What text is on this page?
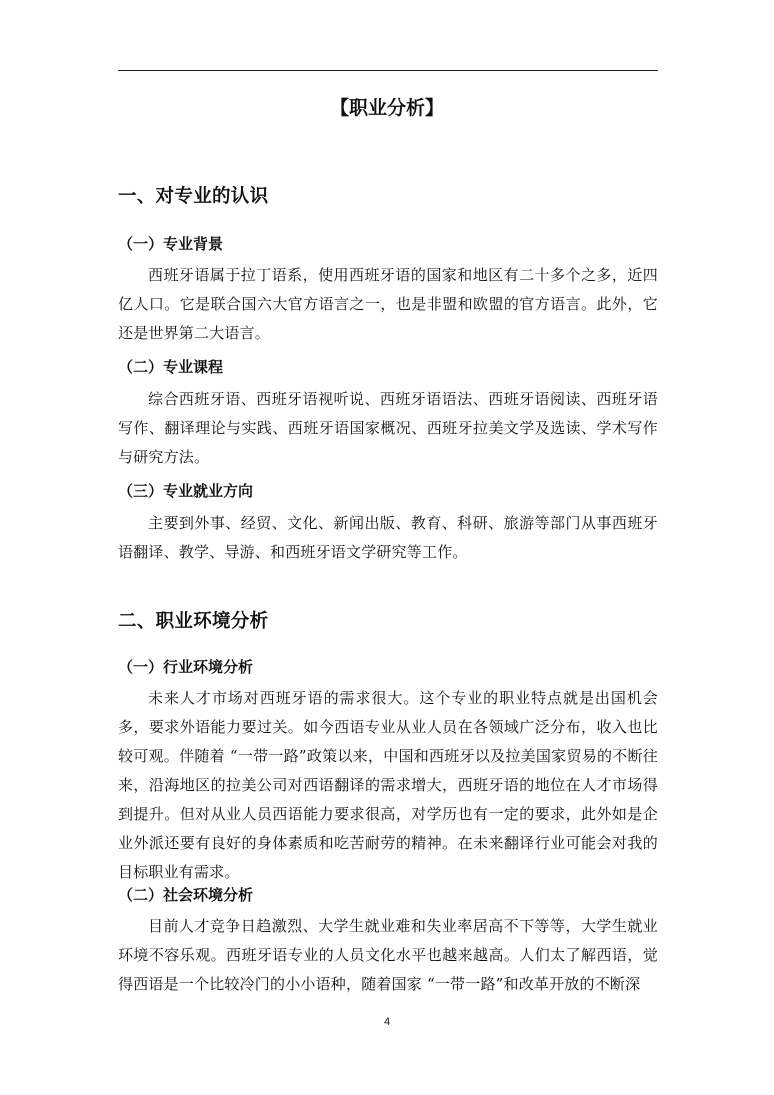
【职业分析】
一、对专业的认识
（一）专业背景

西班牙语属于拉丁语系，使用西班牙语的国家和地区有二十多个之多，近四亿人口。它是联合国六大官方语言之一，也是非盟和欧盟的官方语言。此外，它还是世界第二大语言。

（二）专业课程

综合西班牙语、西班牙语视听说、西班牙语语法、西班牙语阅读、西班牙语写作、翻译理论与实践、西班牙语国家概况、西班牙拉美文学及选读、学术写作与研究方法。

（三）专业就业方向

主要到外事、经贸、文化、新闻出版、教育、科研、旅游等部门从事西班牙语翻译、教学、导游、和西班牙语文学研究等工作。

二、职业环境分析
（一）行业环境分析

未来人才市场对西班牙语的需求很大。这个专业的职业特点就是出国机会多，要求外语能力要过关。如今西语专业从业人员在各领域广泛分布，收入也比较可观。伴随着 “一带一路”政策以来，中国和西班牙以及拉美国家贸易的不断往来，沿海地区的拉美公司对西语翻译的需求增大，西班牙语的地位在人才市场得到提升。但对从业人员西语能力要求很高，对学历也有一定的要求，此外如是企业外派还要有良好的身体素质和吃苦耐劳的精神。在未来翻译行业可能会对我的目标职业有需求。

（二）社会环境分析

目前人才竞争日趋激烈、大学生就业难和失业率居高不下等等，大学生就业环境不容乐观。西班牙语专业的人员文化水平也越来越高。人们太了解西语，觉得西语是一个比较冷门的小小语种，随着国家 “一带一路”和改革开放的不断深

4
